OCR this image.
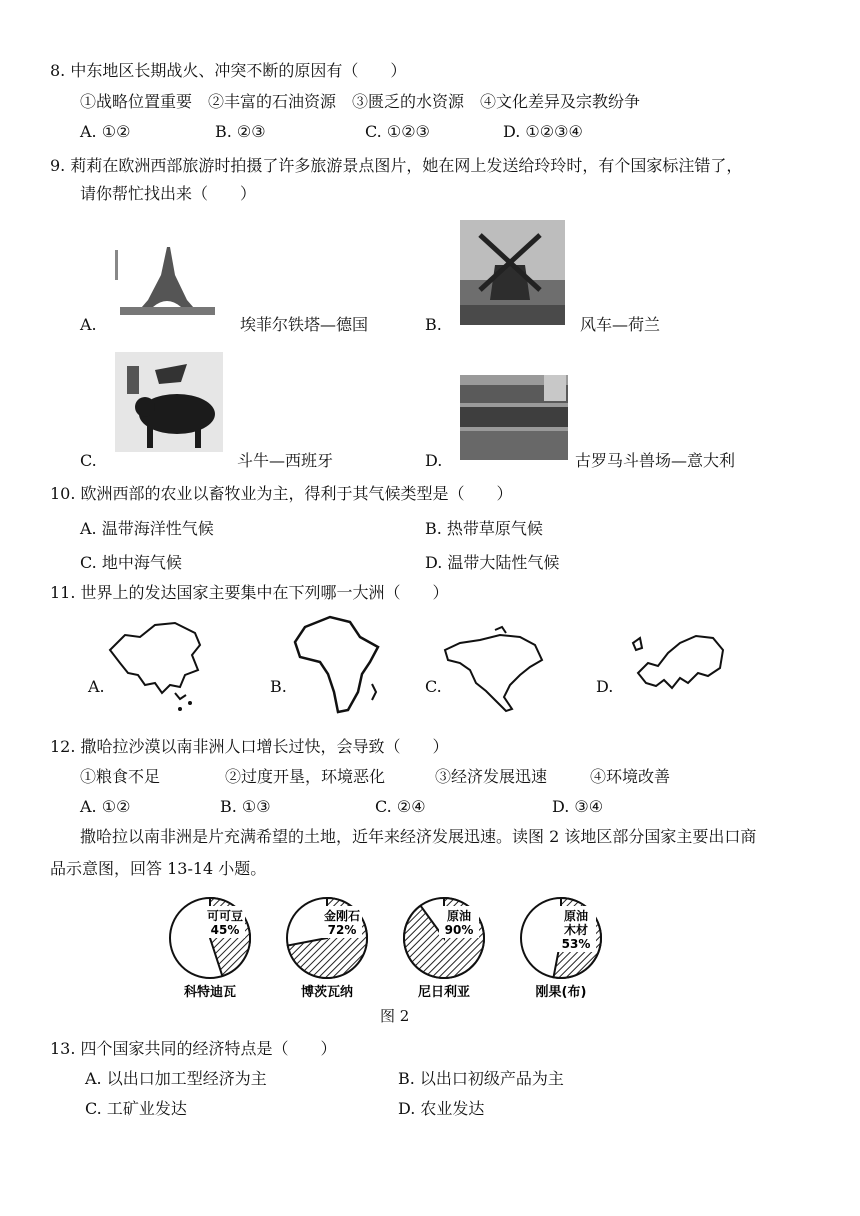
8. 中东地区长期战火、冲突不断的原因有（　　）
①战略位置重要　②丰富的石油资源　③匮乏的水资源　④文化差异及宗教纷争
A. ①②	B. ②③	C. ①②③	D. ①②③④
9. 莉莉在欧洲西部旅游时拍摄了许多旅游景点图片，她在网上发送给玲玲时，有个国家标注错了，
请你帮忙找出来（　　）
A.	埃菲尔铁塔—德国	B.	风车—荷兰
C.	斗牛—西班牙	D.	古罗马斗兽场—意大利
10. 欧洲西部的农业以畜牧业为主，得利于其气候类型是（　　）
A. 温带海洋性气候	B. 热带草原气候
C. 地中海气候	D. 温带大陆性气候
11. 世界上的发达国家主要集中在下列哪一大洲（　　）
A.	B.	C.	D.
12. 撒哈拉沙漠以南非洲人口增长过快，会导致（　　）
①粮食不足	②过度开垦，环境恶化	③经济发展迅速	④环境改善
A. ①②	B. ①③	C. ②④	D. ③④
撒哈拉以南非洲是片充满希望的土地，近年来经济发展迅速。读图 2 该地区部分国家主要出口商
品示意图，回答 13-14 小题。
可可豆
45%
科特迪瓦
金刚石
72%
博茨瓦纳
原油
90%
尼日利亚
原油
木材
53%
刚果(布)
图 2
13. 四个国家共同的经济特点是（　　）
A. 以出口加工型经济为主	B. 以出口初级产品为主
C. 工矿业发达	D. 农业发达
